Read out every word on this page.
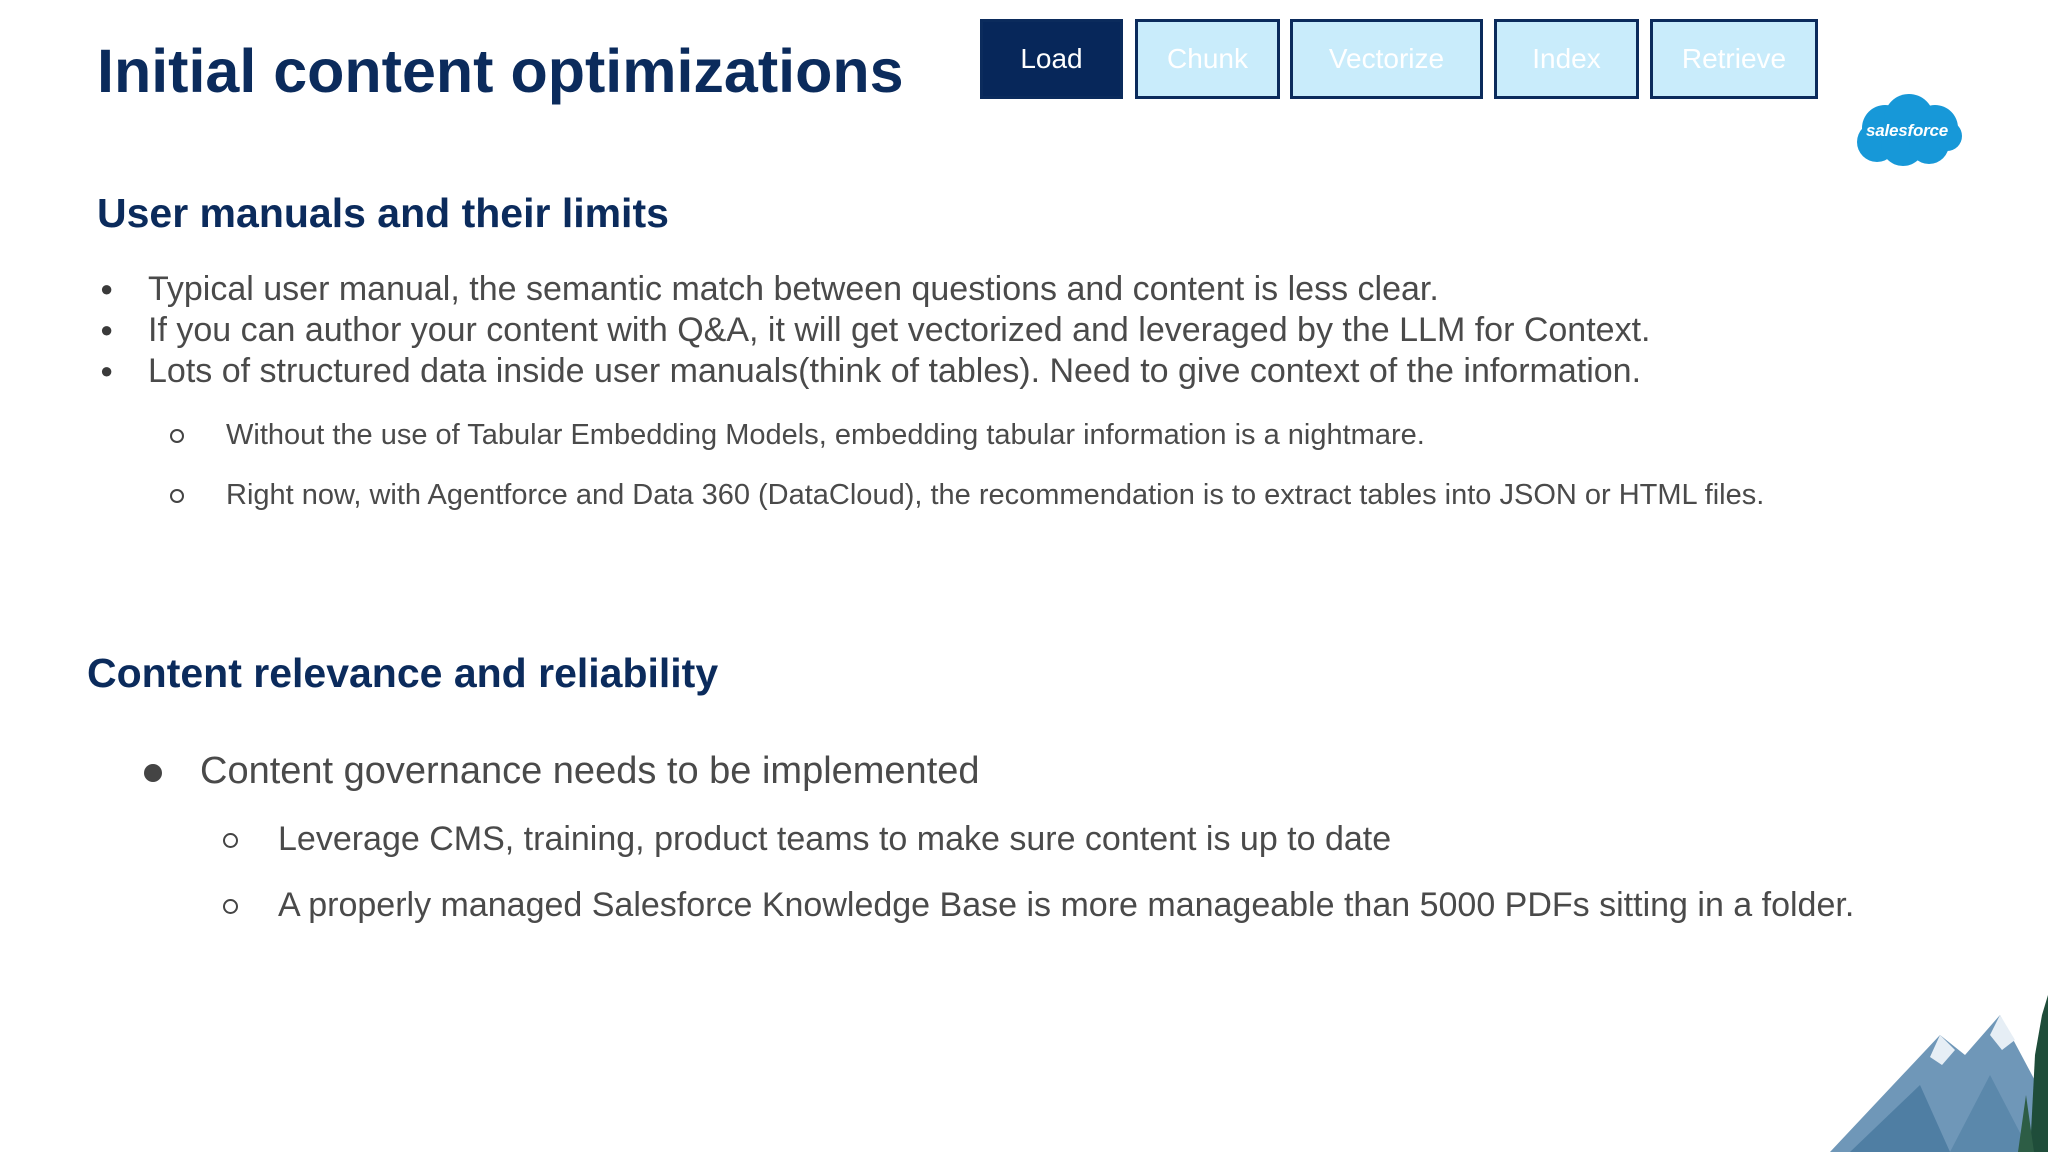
Initial content optimizations	Load	Chunk	Vectorize	Index	Retrieve
salesforce
User manuals and their limits
● Typical user manual, the semantic match between questions and content is less clear.
● If you can author your content with Q&A, it will get vectorized and leveraged by the LLM for Context.
● Lots of structured data inside user manuals(think of tables). Need to give context of the information.
Without the use of Tabular Embedding Models, embedding tabular information is a nightmare.
Right now, with Agentforce and Data 360 (DataCloud), the recommendation is to extract tables into JSON or HTML files.
Content relevance and reliability
Content governance needs to be implemented
Leverage CMS, training, product teams to make sure content is up to date
A properly managed Salesforce Knowledge Base is more manageable than 5000 PDFs sitting in a folder.
